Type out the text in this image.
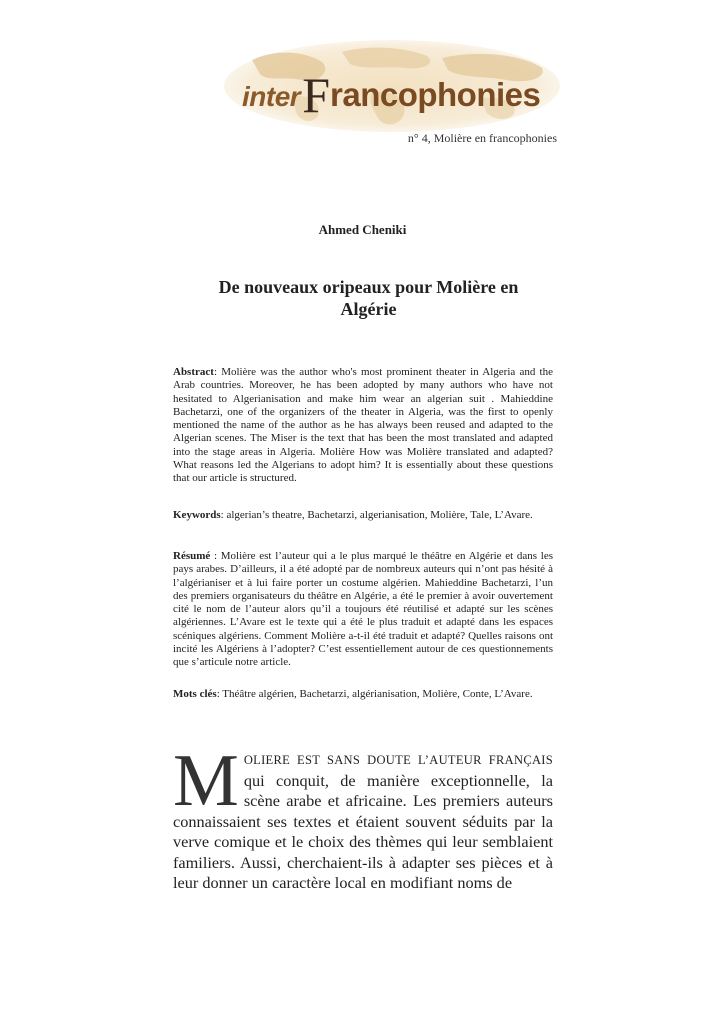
interFrancophonies
n° 4, Molière en francophonies
Ahmed Cheniki
De nouveaux oripeaux pour Molière en
Algérie

Abstract: Molière was the author who's most prominent theater in Algeria and the Arab countries. Moreover, he has been adopted by many authors who have not hesitated to Algerianisation and make him wear an algerian suit . Mahieddine Bachetarzi, one of the organizers of the theater in Algeria, was the first to openly mentioned the name of the author as he has always been reused and adapted to the Algerian scenes. The Miser is the text that has been the most translated and adapted into the stage areas in Algeria. Molière How was Molière translated and adapted? What reasons led the Algerians to adopt him? It is essentially about these questions that our article is structured.

Keywords: algerian’s theatre, Bachetarzi, algerianisation, Molière, Tale, L’Avare.

Résumé : Molière est l’auteur qui a le plus marqué le théâtre en Algérie et dans les pays arabes. D’ailleurs, il a été adopté par de nombreux auteurs qui n’ont pas hésité à l’algérianiser et à lui faire porter un costume algérien. Mahieddine Bachetarzi, l’un des premiers organisateurs du théâtre en Algérie, a été le premier à avoir ouvertement cité le nom de l’auteur alors qu’il a toujours été réutilisé et adapté sur les scènes algériennes. L’Avare est le texte qui a été le plus traduit et adapté dans les espaces scéniques algériens. Comment Molière a-t-il été traduit et adapté? Quelles raisons ont incité les Algériens à l’adopter? C’est essentiellement autour de ces questionnements que s’articule notre article.

Mots clés: Théâtre algérien, Bachetarzi, algérianisation, Molière, Conte, L’Avare.

MOLIERE EST SANS DOUTE L’AUTEUR FRANÇAIS qui conquit, de manière exceptionnelle, la scène arabe et africaine. Les premiers auteurs connaissaient ses textes et étaient souvent séduits par la verve comique et le choix des thèmes qui leur semblaient familiers. Aussi, cherchaient-ils à adapter ses pièces et à leur donner un caractère local en modifiant noms de
